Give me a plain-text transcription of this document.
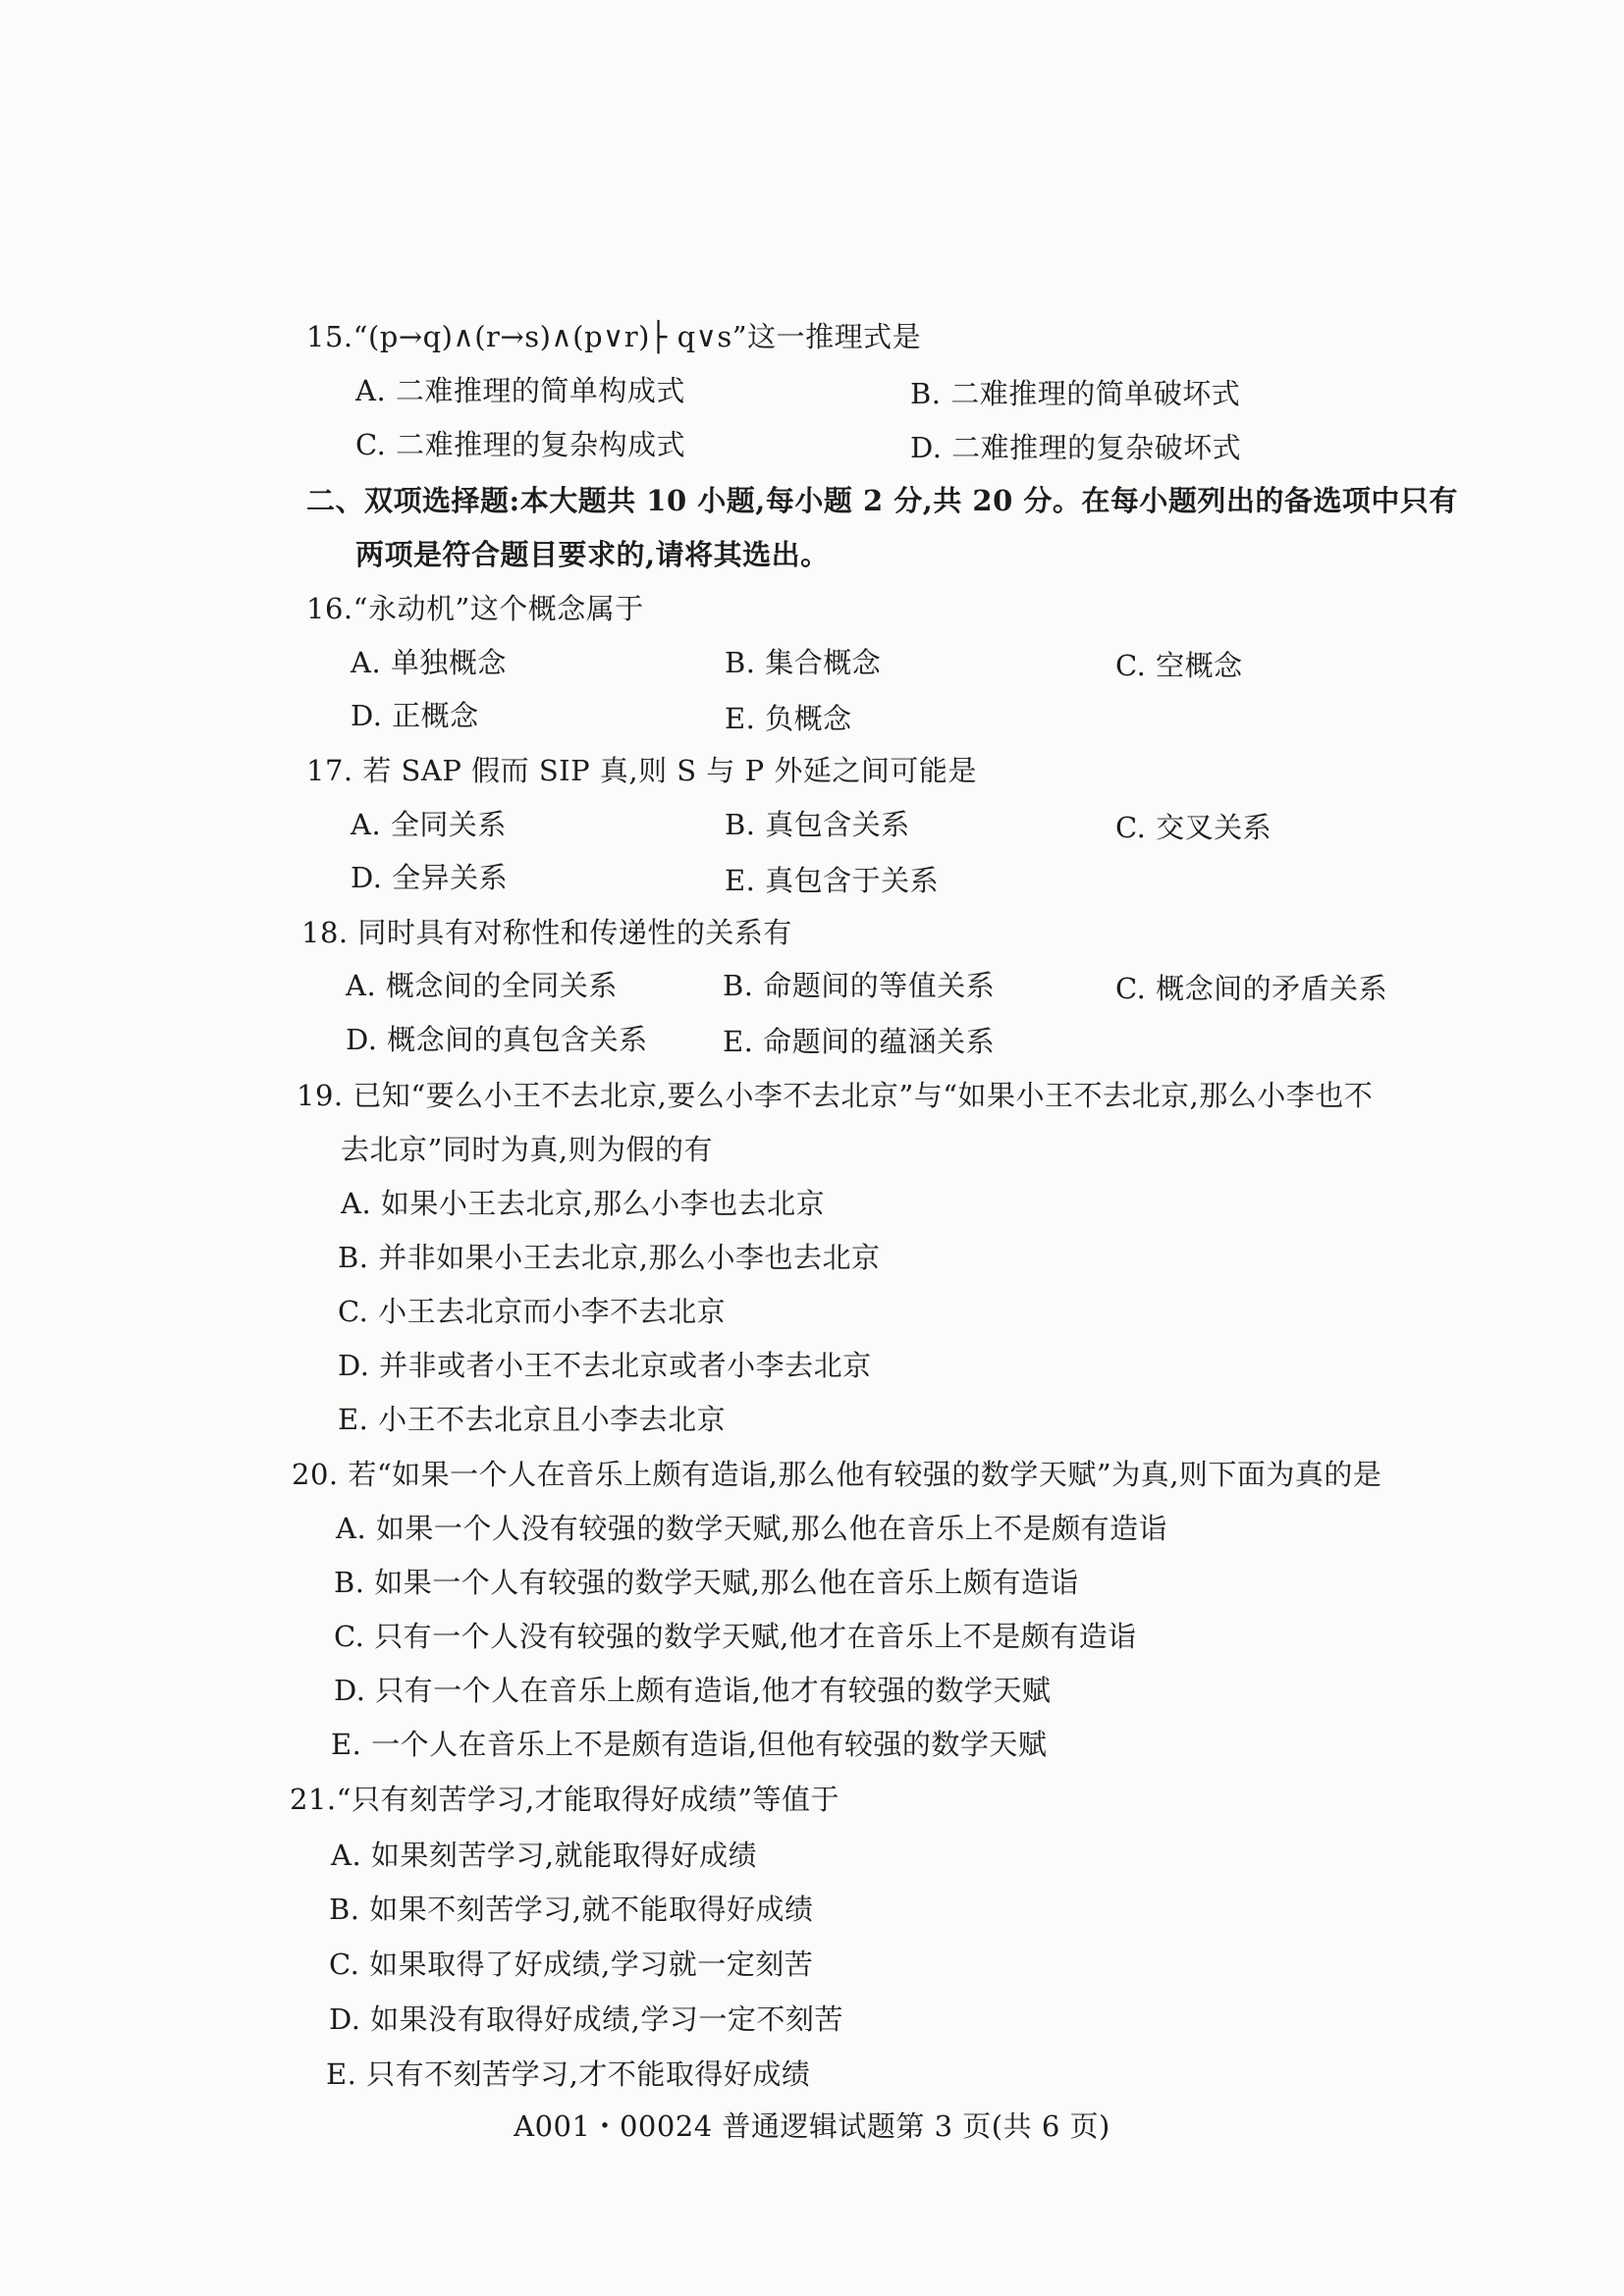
15.“(p→q)∧(r→s)∧(p∨r)├ q∨s”这一推理式是
A. 二难推理的简单构成式	B. 二难推理的简单破坏式
C. 二难推理的复杂构成式	D. 二难推理的复杂破坏式
二、双项选择题:本大题共 10 小题,每小题 2 分,共 20 分。在每小题列出的备选项中只有
两项是符合题目要求的,请将其选出。
16.“永动机”这个概念属于
A. 单独概念	B. 集合概念	C. 空概念
D. 正概念	E. 负概念
17. 若 SAP 假而 SIP 真,则 S 与 P 外延之间可能是
A. 全同关系	B. 真包含关系	C. 交叉关系
D. 全异关系	E. 真包含于关系
18. 同时具有对称性和传递性的关系有
A. 概念间的全同关系	B. 命题间的等值关系	C. 概念间的矛盾关系
D. 概念间的真包含关系	E. 命题间的蕴涵关系
19. 已知“要么小王不去北京,要么小李不去北京”与“如果小王不去北京,那么小李也不
去北京”同时为真,则为假的有
A. 如果小王去北京,那么小李也去北京
B. 并非如果小王去北京,那么小李也去北京
C. 小王去北京而小李不去北京
D. 并非或者小王不去北京或者小李去北京
E. 小王不去北京且小李去北京
20. 若“如果一个人在音乐上颇有造诣,那么他有较强的数学天赋”为真,则下面为真的是
A. 如果一个人没有较强的数学天赋,那么他在音乐上不是颇有造诣
B. 如果一个人有较强的数学天赋,那么他在音乐上颇有造诣
C. 只有一个人没有较强的数学天赋,他才在音乐上不是颇有造诣
D. 只有一个人在音乐上颇有造诣,他才有较强的数学天赋
E. 一个人在音乐上不是颇有造诣,但他有较强的数学天赋
21.“只有刻苦学习,才能取得好成绩”等值于
A. 如果刻苦学习,就能取得好成绩
B. 如果不刻苦学习,就不能取得好成绩
C. 如果取得了好成绩,学习就一定刻苦
D. 如果没有取得好成绩,学习一定不刻苦
E. 只有不刻苦学习,才不能取得好成绩
A001・00024 普通逻辑试题第 3 页(共 6 页)
